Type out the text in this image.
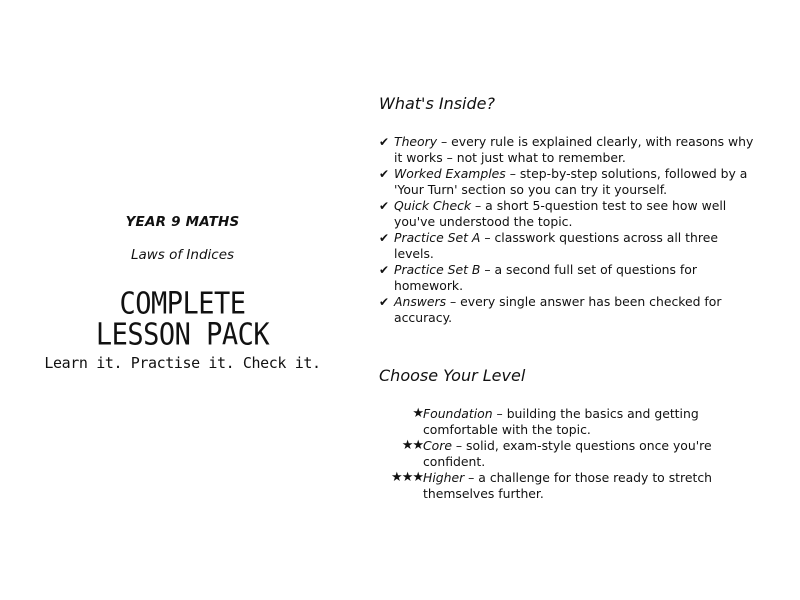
YEAR 9 MATHS
Laws of Indices
COMPLETE
LESSON PACK
Learn it. Practise it. Check it.
What's Inside?
✔ Theory – every rule is explained clearly, with reasons why it works – not just what to remember.
✔ Worked Examples – step-by-step solutions, followed by a 'Your Turn' section so you can try it yourself.
✔ Quick Check – a short 5-question test to see how well you've understood the topic.
✔ Practice Set A – classwork questions across all three levels.
✔ Practice Set B – a second full set of questions for homework.
✔ Answers – every single answer has been checked for accuracy.
Choose Your Level
★ Foundation – building the basics and getting comfortable with the topic.
★★ Core – solid, exam-style questions once you're confident.
★★★ Higher – a challenge for those ready to stretch themselves further.
